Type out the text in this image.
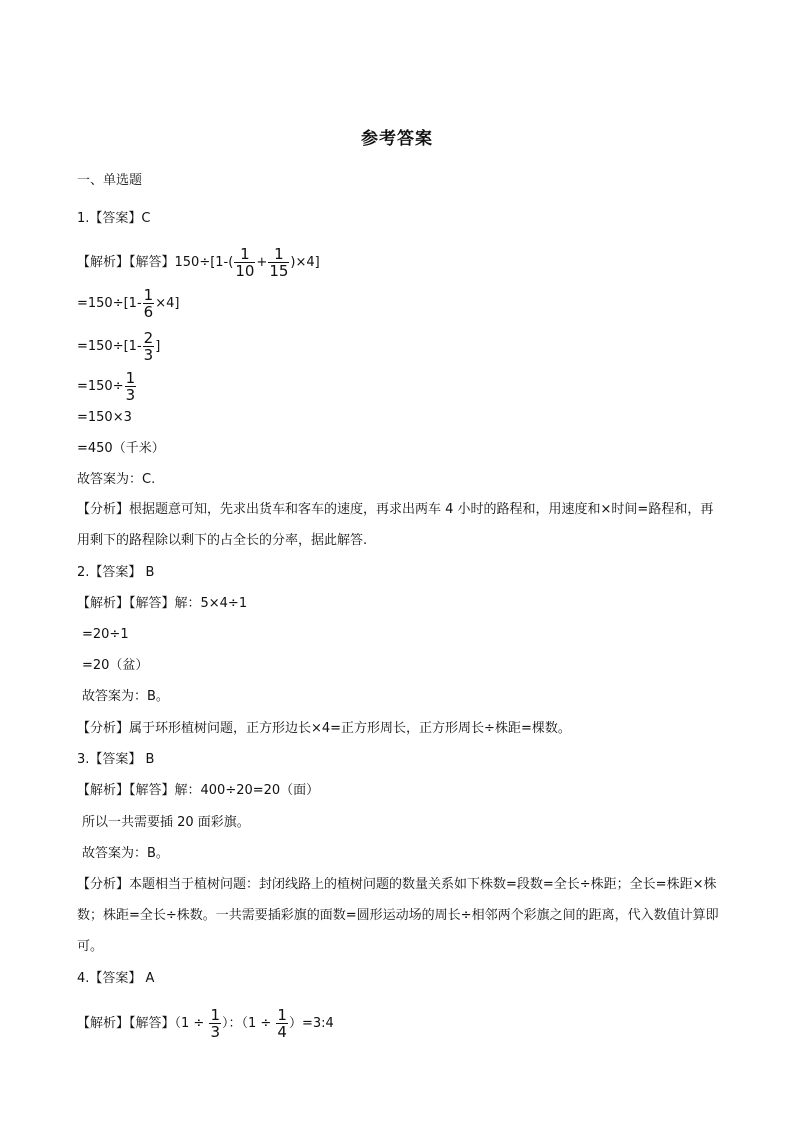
参考答案
一、单选题
1.【答案】C
【解析】【解答】$150\div[1-( \frac{1}{10} + \frac{1}{15} )\times 4]$
$=150\div[1- \frac{1}{6} \times 4]$
$=150\div[1- \frac{2}{3}$ ]
$=150\div \frac{1}{3}$
=150×3
=450（千米）
故答案为：C.
【分析】根据题意可知，先求出货车和客车的速度，再求出两车 4 小时的路程和，用速度和×时间=路程和，再用剩下的路程除以剩下的占全长的分率，据此解答.
2.【答案】 B
【解析】【解答】解：5×4÷1
=20÷1
=20（盆）
故答案为：B。
【分析】属于环形植树问题，正方形边长×4=正方形周长，正方形周长÷株距=棵数。
3.【答案】 B
【解析】【解答】解：400÷20=20（面）
所以一共需要插 20 面彩旗。
故答案为：B。
【分析】本题相当于植树问题：封闭线路上的植树问题的数量关系如下株数=段数=全长÷株距；全长=株距×株数；株距=全长÷株数。一共需要插彩旗的面数=圆形运动场的周长÷相邻两个彩旗之间的距离，代入数值计算即可。
4.【答案】 A
【解析】【解答】（$1 \div \frac{1}{3}$ ）：（$1 \div \frac{1}{4}$ ）=3:4
